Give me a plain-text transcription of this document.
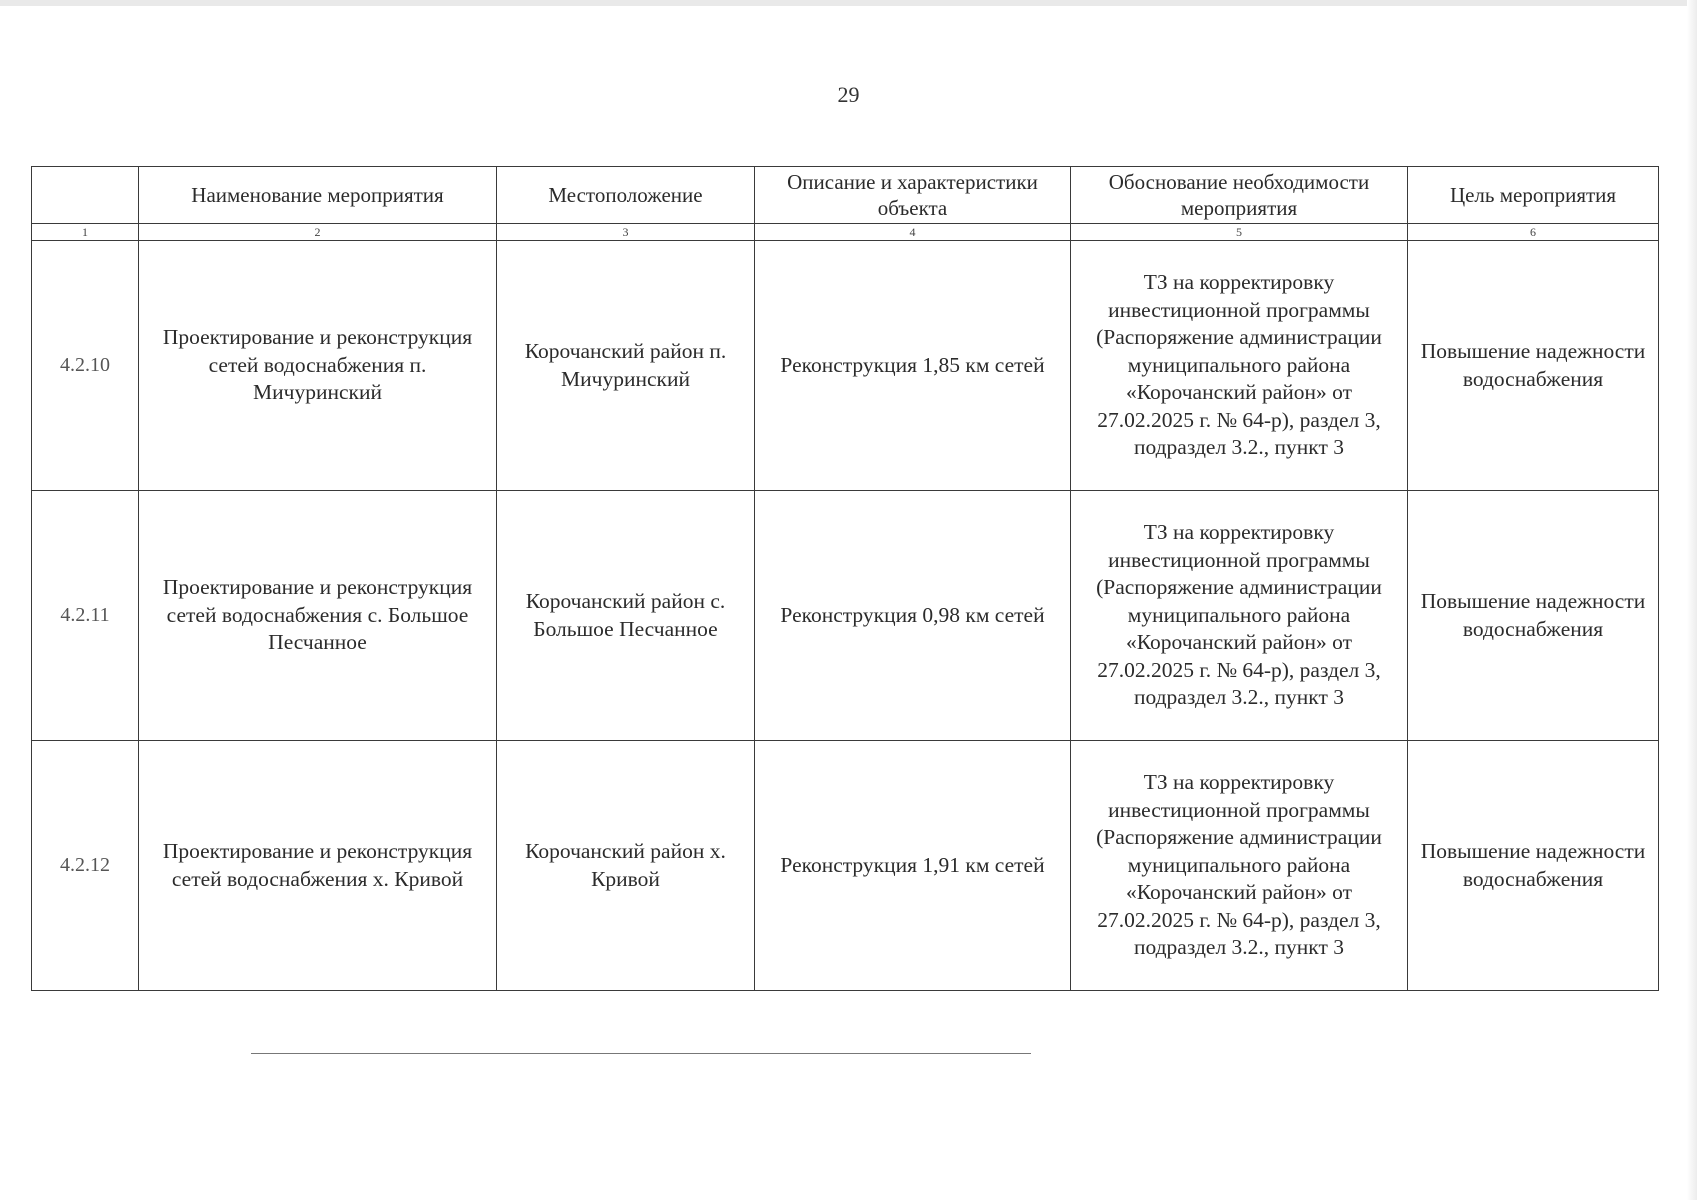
29
	Наименование мероприятия	Местоположение	Описание и характеристики объекта	Обоснование необходимости мероприятия	Цель мероприятия
1	2	3	4	5	6
4.2.10	Проектирование и реконструкция сетей водоснабжения п. Мичуринский	Корочанский район п. Мичуринский	Реконструкция 1,85 км сетей	ТЗ на корректировку инвестиционной программы (Распоряжение администрации муниципального района «Корочанский район» от 27.02.2025 г. № 64-р), раздел 3, подраздел 3.2., пункт 3	Повышение надежности водоснабжения
4.2.11	Проектирование и реконструкция сетей водоснабжения с. Большое Песчанное	Корочанский район с. Большое Песчанное	Реконструкция 0,98 км сетей	ТЗ на корректировку инвестиционной программы (Распоряжение администрации муниципального района «Корочанский район» от 27.02.2025 г. № 64-р), раздел 3, подраздел 3.2., пункт 3	Повышение надежности водоснабжения
4.2.12	Проектирование и реконструкция сетей водоснабжения х. Кривой	Корочанский район х. Кривой	Реконструкция 1,91 км сетей	ТЗ на корректировку инвестиционной программы (Распоряжение администрации муниципального района «Корочанский район» от 27.02.2025 г. № 64-р), раздел 3, подраздел 3.2., пункт 3	Повышение надежности водоснабжения
